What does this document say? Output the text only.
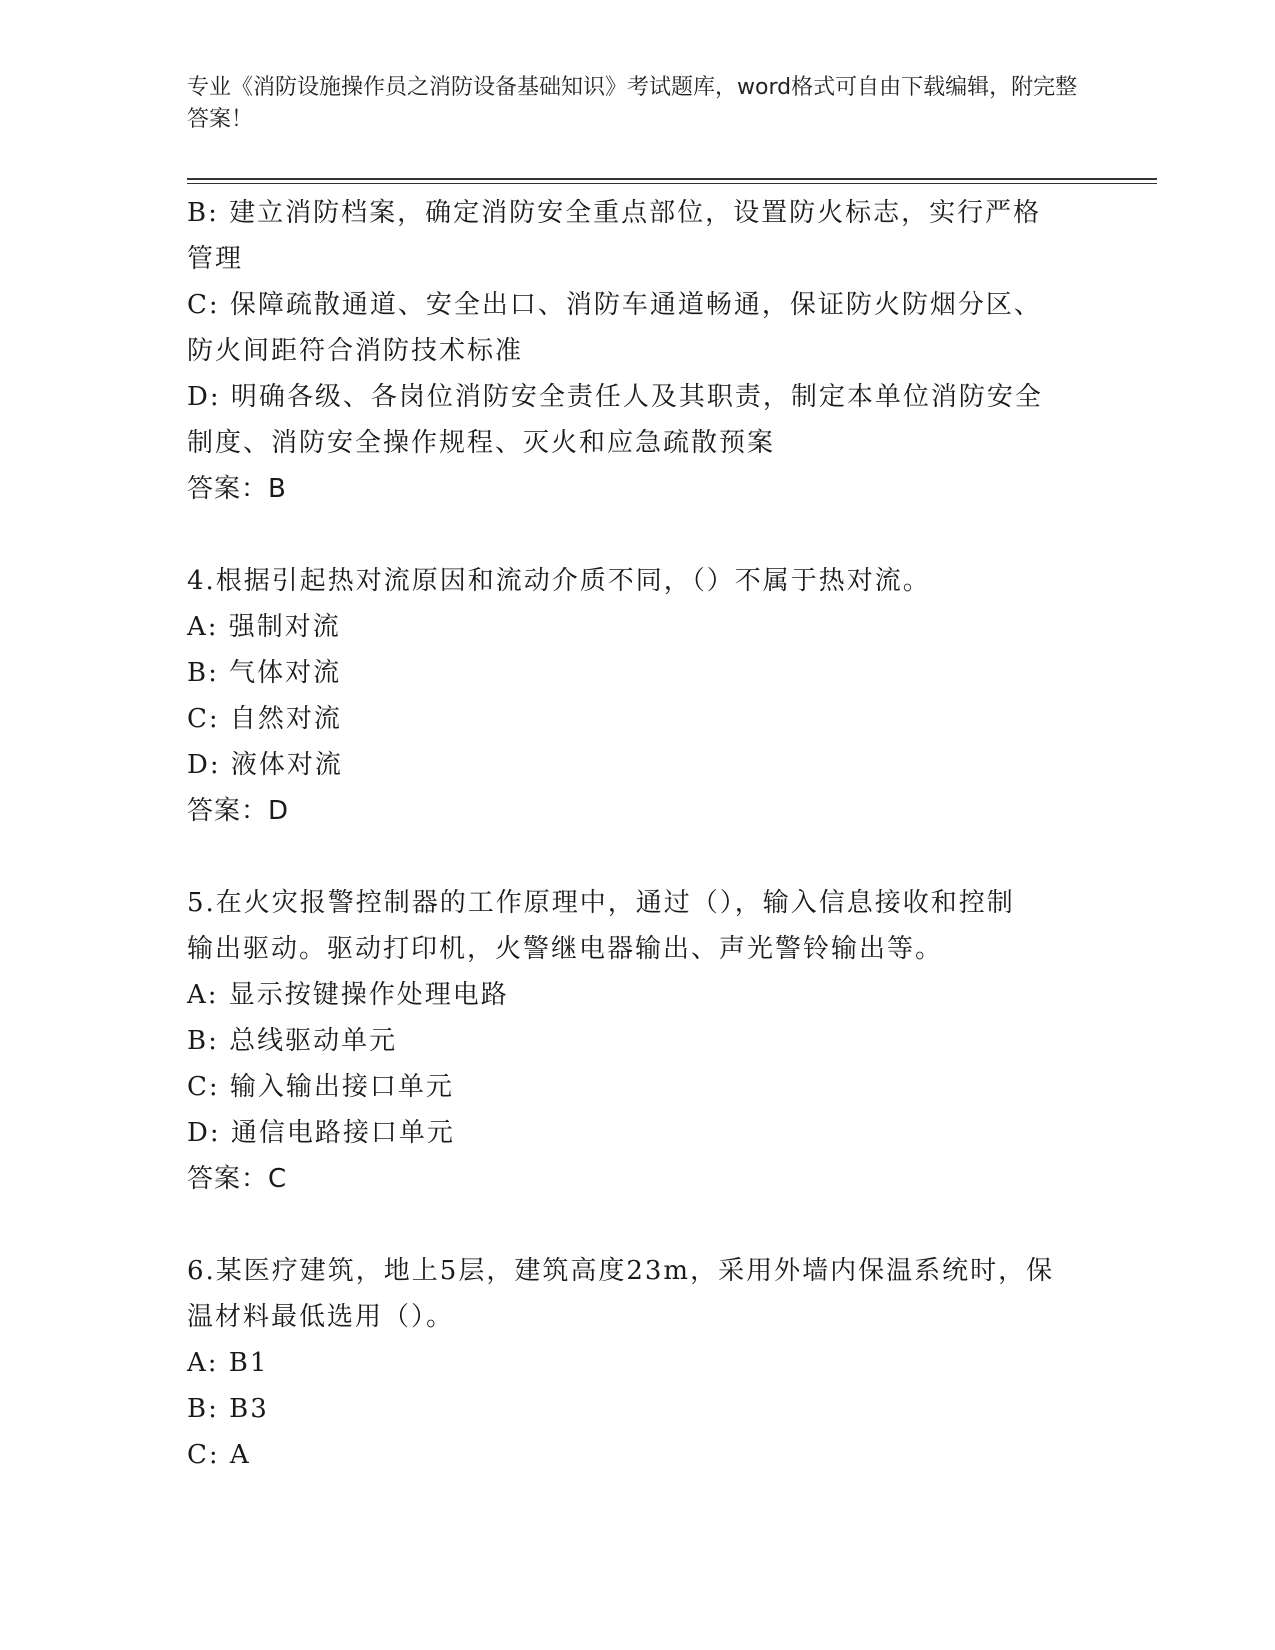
专业《消防设施操作员之消防设备基础知识》考试题库，word格式可自由下载编辑，附完整答案！
B: 建立消防档案，确定消防安全重点部位，设置防火标志，实行严格
管理
C: 保障疏散通道、安全出口、消防车通道畅通，保证防火防烟分区、
防火间距符合消防技术标准
D: 明确各级、各岗位消防安全责任人及其职责，制定本单位消防安全
制度、消防安全操作规程、灭火和应急疏散预案
答案：B
4.根据引起热对流原因和流动介质不同，（）不属于热对流。
A: 强制对流
B: 气体对流
C: 自然对流
D: 液体对流
答案：D
5.在火灾报警控制器的工作原理中，通过（），输入信息接收和控制
输出驱动。驱动打印机，火警继电器输出、声光警铃输出等。
A: 显示按键操作处理电路
B: 总线驱动单元
C: 输入输出接口单元
D: 通信电路接口单元
答案：C
6.某医疗建筑，地上5层，建筑高度23m，采用外墙内保温系统时，保
温材料最低选用（）。
A: B1
B: B3
C: A
